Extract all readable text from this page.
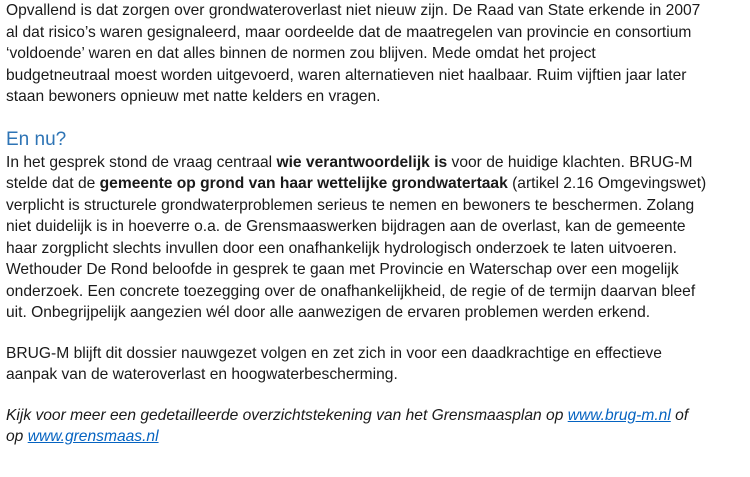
Opvallend is dat zorgen over grondwateroverlast niet nieuw zijn. De Raad van State erkende in 2007
al dat risico’s waren gesignaleerd, maar oordeelde dat de maatregelen van provincie en consortium
‘voldoende’ waren en dat alles binnen de normen zou blijven. Mede omdat het project
budgetneutraal moest worden uitgevoerd, waren alternatieven niet haalbaar. Ruim vijftien jaar later
staan bewoners opnieuw met natte kelders en vragen.
En nu?
In het gesprek stond de vraag centraal wie verantwoordelijk is voor de huidige klachten. BRUG-M
stelde dat de gemeente op grond van haar wettelijke grondwatertaak (artikel 2.16 Omgevingswet)
verplicht is structurele grondwaterproblemen serieus te nemen en bewoners te beschermen. Zolang
niet duidelijk is in hoeverre o.a. de Grensmaaswerken bijdragen aan de overlast, kan de gemeente
haar zorgplicht slechts invullen door een onafhankelijk hydrologisch onderzoek te laten uitvoeren.
Wethouder De Rond beloofde in gesprek te gaan met Provincie en Waterschap over een mogelijk
onderzoek. Een concrete toezegging over de onafhankelijkheid, de regie of de termijn daarvan bleef
uit. Onbegrijpelijk aangezien wél door alle aanwezigen de ervaren problemen werden erkend.
BRUG-M blijft dit dossier nauwgezet volgen en zet zich in voor een daadkrachtige en effectieve
aanpak van de wateroverlast en hoogwaterbescherming.
Kijk voor meer een gedetailleerde overzichtstekening van het Grensmaasplan op www.brug-m.nl of
op www.grensmaas.nl
